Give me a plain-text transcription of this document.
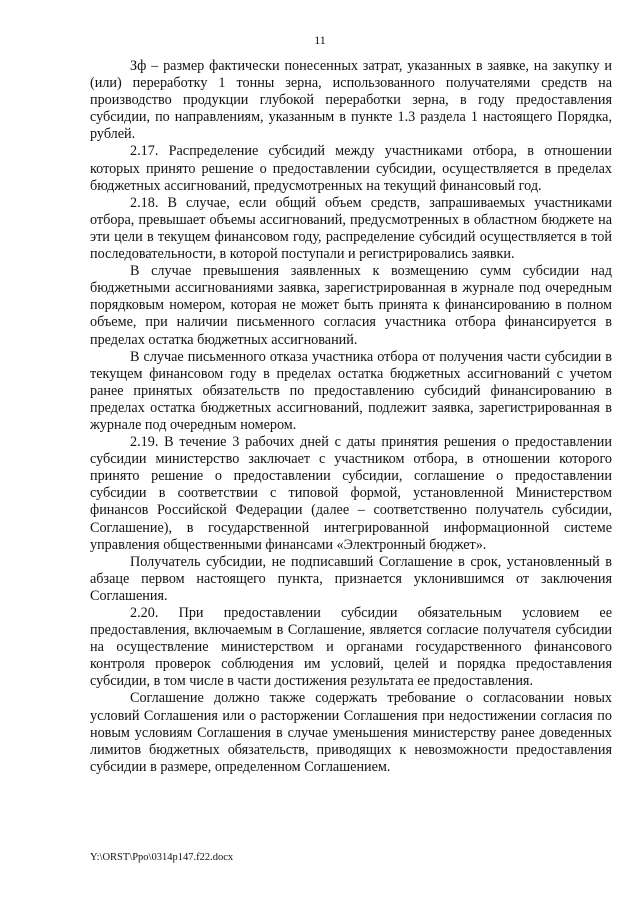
11

Зф – размер фактически понесенных затрат, указанных в заявке, на закупку и (или) переработку 1 тонны зерна, использованного получателями средств на производство продукции глубокой переработки зерна, в году предоставления субсидии, по направлениям, указанным в пункте 1.3 раздела 1 настоящего Порядка, рублей.

2.17. Распределение субсидий между участниками отбора, в отношении которых принято решение о предоставлении субсидии, осуществляется в пределах бюджетных ассигнований, предусмотренных на текущий финансовый год.

2.18. В случае, если общий объем средств, запрашиваемых участниками отбора, превышает объемы ассигнований, предусмотренных в областном бюджете на эти цели в текущем финансовом году, распределение субсидий осуществляется в той последовательности, в которой поступали и регистрировались заявки.

В случае превышения заявленных к возмещению сумм субсидии над бюджетными ассигнованиями заявка, зарегистрированная в журнале под очередным порядковым номером, которая не может быть принята к финансированию в полном объеме, при наличии письменного согласия участника отбора финансируется в пределах остатка бюджетных ассигнований.

В случае письменного отказа участника отбора от получения части субсидии в текущем финансовом году в пределах остатка бюджетных ассигнований с учетом ранее принятых обязательств по предоставлению субсидий финансированию в пределах остатка бюджетных ассигнований, подлежит заявка, зарегистрированная в журнале под очередным номером.

2.19. В течение 3 рабочих дней с даты принятия решения о предоставлении субсидии министерство заключает с участником отбора, в отношении которого принято решение о предоставлении субсидии, соглашение о предоставлении субсидии в соответствии с типовой формой, установленной Министерством финансов Российской Федерации (далее – соответственно получатель субсидии, Соглашение), в государственной интегрированной информационной системе управления общественными финансами «Электронный бюджет».

Получатель субсидии, не подписавший Соглашение в срок, установленный в абзаце первом настоящего пункта, признается уклонившимся от заключения Соглашения.

2.20. При предоставлении субсидии обязательным условием ее предоставления, включаемым в Соглашение, является согласие получателя субсидии на осуществление министерством и органами государственного финансового контроля проверок соблюдения им условий, целей и порядка предоставления субсидии, в том числе в части достижения результата ее предоставления.

Соглашение должно также содержать требование о согласовании новых условий Соглашения или о расторжении Соглашения при недостижении согласия по новым условиям Соглашения в случае уменьшения министерству ранее доведенных лимитов бюджетных обязательств, приводящих к невозможности предоставления субсидии в размере, определенном Соглашением.

Y:\ORST\Ppo\0314p147.f22.docx
